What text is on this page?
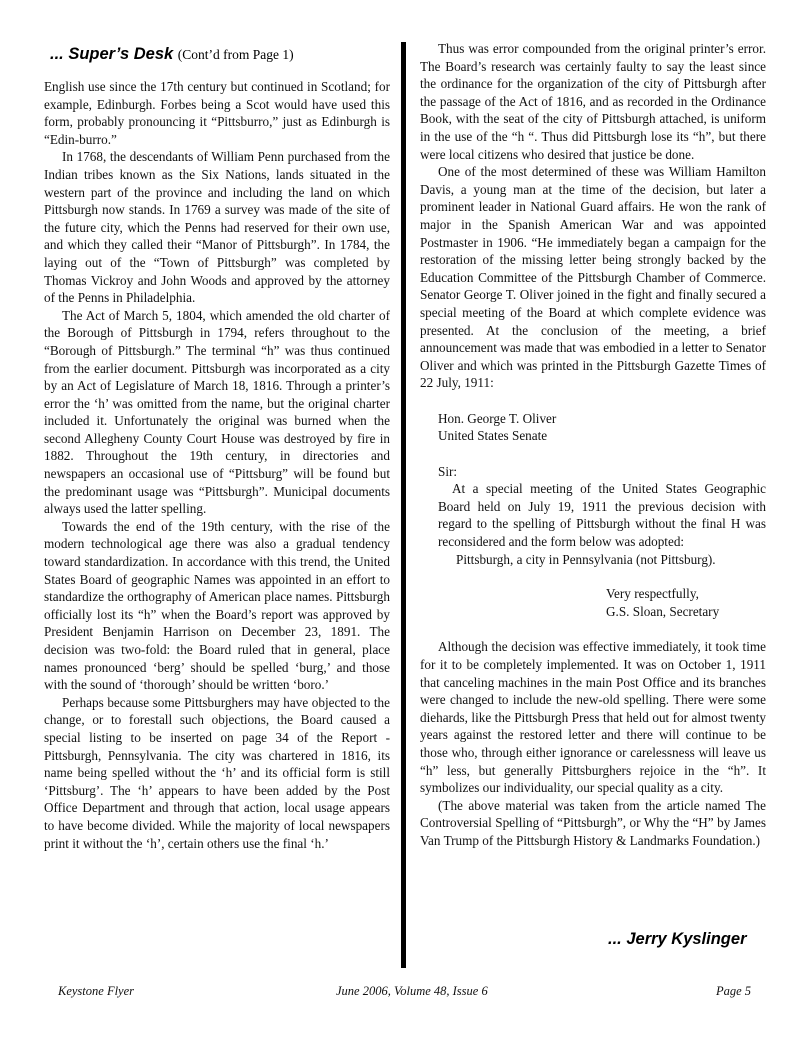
... Super’s Desk (Cont’d from Page 1)

English use since the 17th century but continued in Scotland; for example, Edinburgh. Forbes being a Scot would have used this form, probably pronouncing it “Pittsburro,” just as Edinburgh is “Edin-burro.”

In 1768, the descendants of William Penn purchased from the Indian tribes known as the Six Nations, lands situated in the western part of the province and including the land on which Pittsburgh now stands. In 1769 a survey was made of the site of the future city, which the Penns had reserved for their own use, and which they called their “Manor of Pittsburgh”. In 1784, the laying out of the “Town of Pittsburgh” was completed by Thomas Vickroy and John Woods and approved by the attorney of the Penns in Philadelphia.

The Act of March 5, 1804, which amended the old charter of the Borough of Pittsburgh in 1794, refers throughout to the “Borough of Pittsburgh.” The terminal “h” was thus continued from the earlier document. Pittsburgh was incorporated as a city by an Act of Legislature of March 18, 1816. Through a printer’s error the ‘h’ was omitted from the name, but the original charter included it. Unfortunately the original was burned when the second Allegheny County Court House was destroyed by fire in 1882. Throughout the 19th century, in directories and newspapers an occasional use of “Pittsburg” will be found but the predominant usage was “Pittsburgh”. Municipal documents always used the latter spelling.

Towards the end of the 19th century, with the rise of the modern technological age there was also a gradual tendency toward standardization. In accordance with this trend, the United States Board of geographic Names was appointed in an effort to standardize the orthography of American place names. Pittsburgh officially lost its “h” when the Board’s report was approved by President Benjamin Harrison on December 23, 1891. The decision was two-fold: the Board ruled that in general, place names pronounced ‘berg’ should be spelled ‘burg,’ and those with the sound of ‘thorough’ should be written ‘boro.’

Perhaps because some Pittsburghers may have objected to the change, or to forestall such objections, the Board caused a special listing to be inserted on page 34 of the Report - Pittsburgh, Pennsylvania. The city was chartered in 1816, its name being spelled without the ‘h’ and its official form is still ‘Pittsburg’. The ‘h’ appears to have been added by the Post Office Department and through that action, local usage appears to have become divided. While the majority of local newspapers print it without the ‘h’, certain others use the final ‘h.’

Thus was error compounded from the original printer’s error. The Board’s research was certainly faulty to say the least since the ordinance for the organization of the city of Pittsburgh after the passage of the Act of 1816, and as recorded in the Ordinance Book, with the seat of the city of Pittsburgh attached, is uniform in the use of the “h “. Thus did Pittsburgh lose its “h”, but there were local citizens who desired that justice be done.

One of the most determined of these was William Hamilton Davis, a young man at the time of the decision, but later a prominent leader in National Guard affairs. He won the rank of major in the Spanish American War and was appointed Postmaster in 1906. “He immediately began a campaign for the restoration of the missing letter being strongly backed by the Education Committee of the Pittsburgh Chamber of Commerce. Senator George T. Oliver joined in the fight and finally secured a special meeting of the Board at which complete evidence was presented. At the conclusion of the meeting, a brief announcement was made that was embodied in a letter to Senator Oliver and which was printed in the Pittsburgh Gazette Times of 22 July, 1911:

Hon. George T. Oliver
United States Senate
Sir:
At a special meeting of the United States Geographic Board held on July 19, 1911 the previous decision with regard to the spelling of Pittsburgh without the final H was reconsidered and the form below was adopted:
Pittsburgh, a city in Pennsylvania (not Pittsburg).
Very respectfully,
G.S. Sloan, Secretary

Although the decision was effective immediately, it took time for it to be completely implemented. It was on October 1, 1911 that canceling machines in the main Post Office and its branches were changed to include the new-old spelling. There were some diehards, like the Pittsburgh Press that held out for almost twenty years against the restored letter and there will continue to be those who, through either ignorance or carelessness will leave us “h” less, but generally Pittsburghers rejoice in the “h”. It symbolizes our individuality, our special quality as a city.

(The above material was taken from the article named The Controversial Spelling of “Pittsburgh”, or Why the “H” by James Van Trump of the Pittsburgh History & Landmarks Foundation.)

... Jerry Kyslinger
Keystone Flyer	June 2006, Volume 48, Issue 6	Page 5
